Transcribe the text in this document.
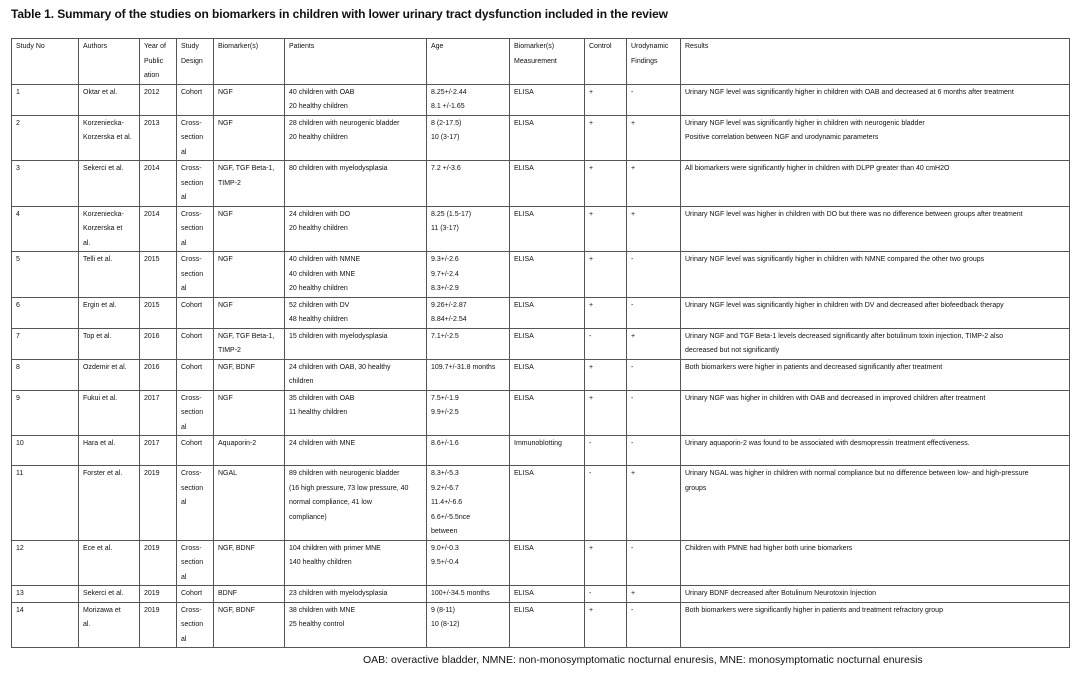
Table 1. Summary of the studies on biomarkers in children with lower urinary tract dysfunction included in the review
Study No	Authors	Year of
Public
ation	Study
Design	Biomarker(s)	Patients	Age	Biomarker(s)
Measurement	Control	Urodynamic
Findings	Results

1	Oktar et al.	2012	Cohort	NGF	40 children with OAB
20 healthy children	8.25+/-2.44
8.1 +/-1.65	ELISA	+	-	Urinary NGF level was significantly higher in children with OAB and decreased at 6 months after treatment

2	Korzeniecka-
Korzerska et al.	2013	Cross-
section
al	NGF	28 children with neurogenic bladder
20 healthy children	8 (2-17.5)
10 (3-17)	ELISA	+	+	Urinary NGF level was significantly higher in children with neurogenic bladder
Positive correlation between NGF and urodynamic parameters

3	Sekerci et al.	2014	Cross-
section
al	NGF, TGF Beta-1,
TIMP-2	80 children with myelodysplasia	7.2 +/-3.6	ELISA	+	+	All biomarkers were significantly higher in children with DLPP greater than 40 cmH2O

4	Korzeniecka-
Korzerska et
al.	2014	Cross-
section
al	NGF	24 children with DO
20 healthy children	8.25 (1.5-17)
11 (3-17)	ELISA	+	+	Urinary NGF level was higher in children with DO but there was no difference between groups after treatment

5	Telli et al.	2015	Cross-
section
al	NGF	40 children with NMNE
40 children with MNE
20 healthy children	9.3+/-2.6
9.7+/-2.4
8.3+/-2.9	ELISA	+	-	Urinary NGF level was significantly higher in children with NMNE compared the other two groups

6	Ergin et al.	2015	Cohort	NGF	52 children with DV
48 healthy children	9.26+/-2.87
8.84+/-2.54	ELISA	+	-	Urinary NGF level was significantly higher in children with DV and decreased after biofeedback therapy

7	Top et al.	2016	Cohort	NGF, TGF Beta-1,
TIMP-2	15 children with myelodysplasia	7.1+/-2.5	ELISA	-	+	Urinary NGF and TGF Beta-1 levels decreased significantly after botulinum toxin injection, TIMP-2 also
decreased but not significantly

8	Ozdemir et al.	2016	Cohort	NGF, BDNF	24 children with OAB, 30 healthy
children	109.7+/-31.8 months	ELISA	+	-	Both biomarkers were higher in patients and decreased significantly after treatment

9	Fukui et al.	2017	Cross-
section
al	NGF	35 children with OAB
11 healthy children	7.5+/-1.9
9.9+/-2.5	ELISA	+	-	Urinary NGF was higher in children with OAB and decreased in improved children after treatment

10	Hara et al.	2017	Cohort	Aquaporin-2	24 children with MNE	8.6+/-1.6	Immunoblotting	-	-	Urinary aquaporin-2 was found to be associated with desmopressin treatment effectiveness.

11	Forster et al.	2019	Cross-
section
al	NGAL	89 children with neurogenic bladder
(16 high pressure, 73 low pressure, 40
normal compliance, 41 low
compliance)	8.3+/-5.3
9.2+/-6.7
11.4+/-6.6
6.6+/-5.5nce
between	ELISA	-	+	Urinary NGAL was higher in children with normal compliance but no difference between low- and high-pressure
groups

12	Ece et al.	2019	Cross-
section
al	NGF, BDNF	104 children with primer MNE
140 healthy children	9.0+/-0.3
9.5+/-0.4	ELISA	+	-	Children with PMNE had higher both urine biomarkers

13	Sekerci et al.	2019	Cohort	BDNF	23 children with myelodysplasia	100+/-34.5 months	ELISA	-	+	Urinary BDNF decreased after Botulinum Neurotoxin İnjection

14	Morizawa et
al.	2019	Cross-
section
al	NGF, BDNF	38 children with MNE
25 healthy control	9 (8-11)
10 (8-12)	ELISA	+	-	Both biomarkers were significantly higher in patients and treatment refractory group
OAB: overactive bladder, NMNE: non-monosymptomatic nocturnal enuresis, MNE: monosymptomatic nocturnal enuresis
